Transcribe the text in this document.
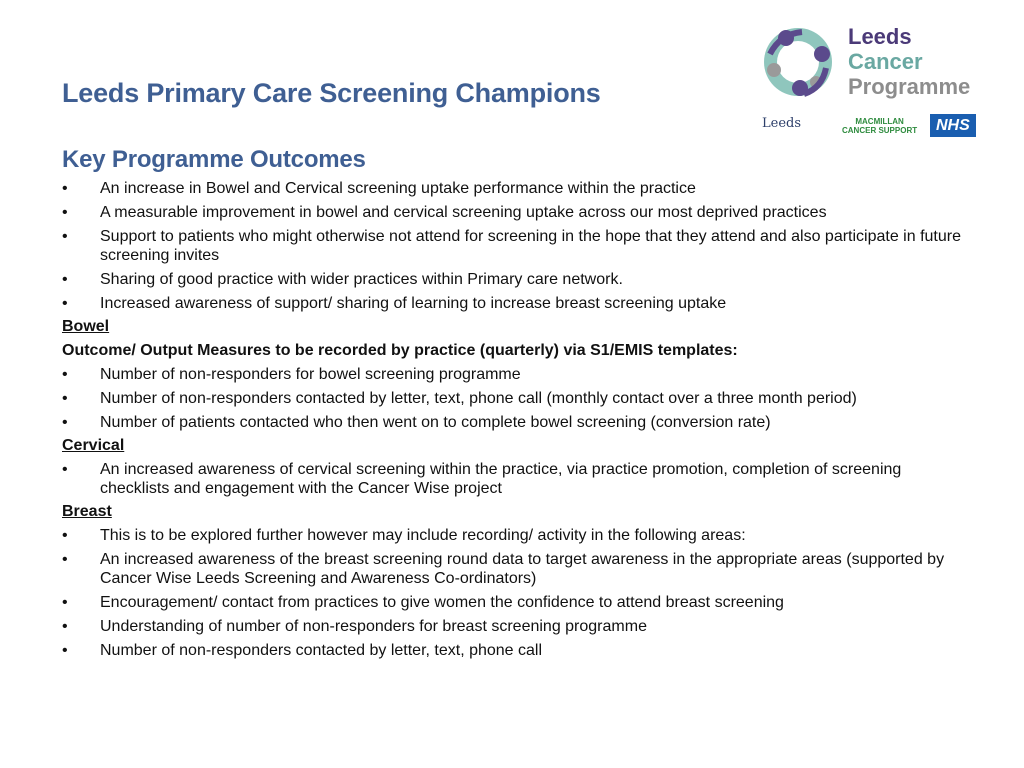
Leeds Primary Care Screening Champions
Leeds
Cancer
Programme
Leeds	MACMILLAN
CANCER SUPPORT	NHS
Key Programme Outcomes
• An increase in Bowel and Cervical screening uptake performance within the practice
• A measurable improvement in bowel and cervical screening uptake across our most deprived practices
• Support to patients who might otherwise not attend for screening in the hope that they attend and also participate in future screening invites
• Sharing of good practice with wider practices within Primary care network.
• Increased awareness of support/ sharing of learning to increase breast screening uptake
Bowel
Outcome/ Output Measures to be recorded by practice (quarterly) via S1/EMIS templates:
• Number of non-responders for bowel screening programme
• Number of non-responders contacted by letter, text, phone call (monthly contact over a three month period)
• Number of patients contacted who then went on to complete bowel screening (conversion rate)
Cervical
• An increased awareness of cervical screening within the practice, via practice promotion, completion of screening checklists and engagement with the Cancer Wise project
Breast
• This is to be explored further however may include recording/ activity in the following areas:
• An increased awareness of the breast screening round data to target awareness in the appropriate areas (supported by Cancer Wise Leeds Screening and Awareness Co-ordinators)
• Encouragement/ contact from practices to give women the confidence to attend breast screening
• Understanding of number of non-responders for breast screening programme
• Number of non-responders contacted by letter, text, phone call
